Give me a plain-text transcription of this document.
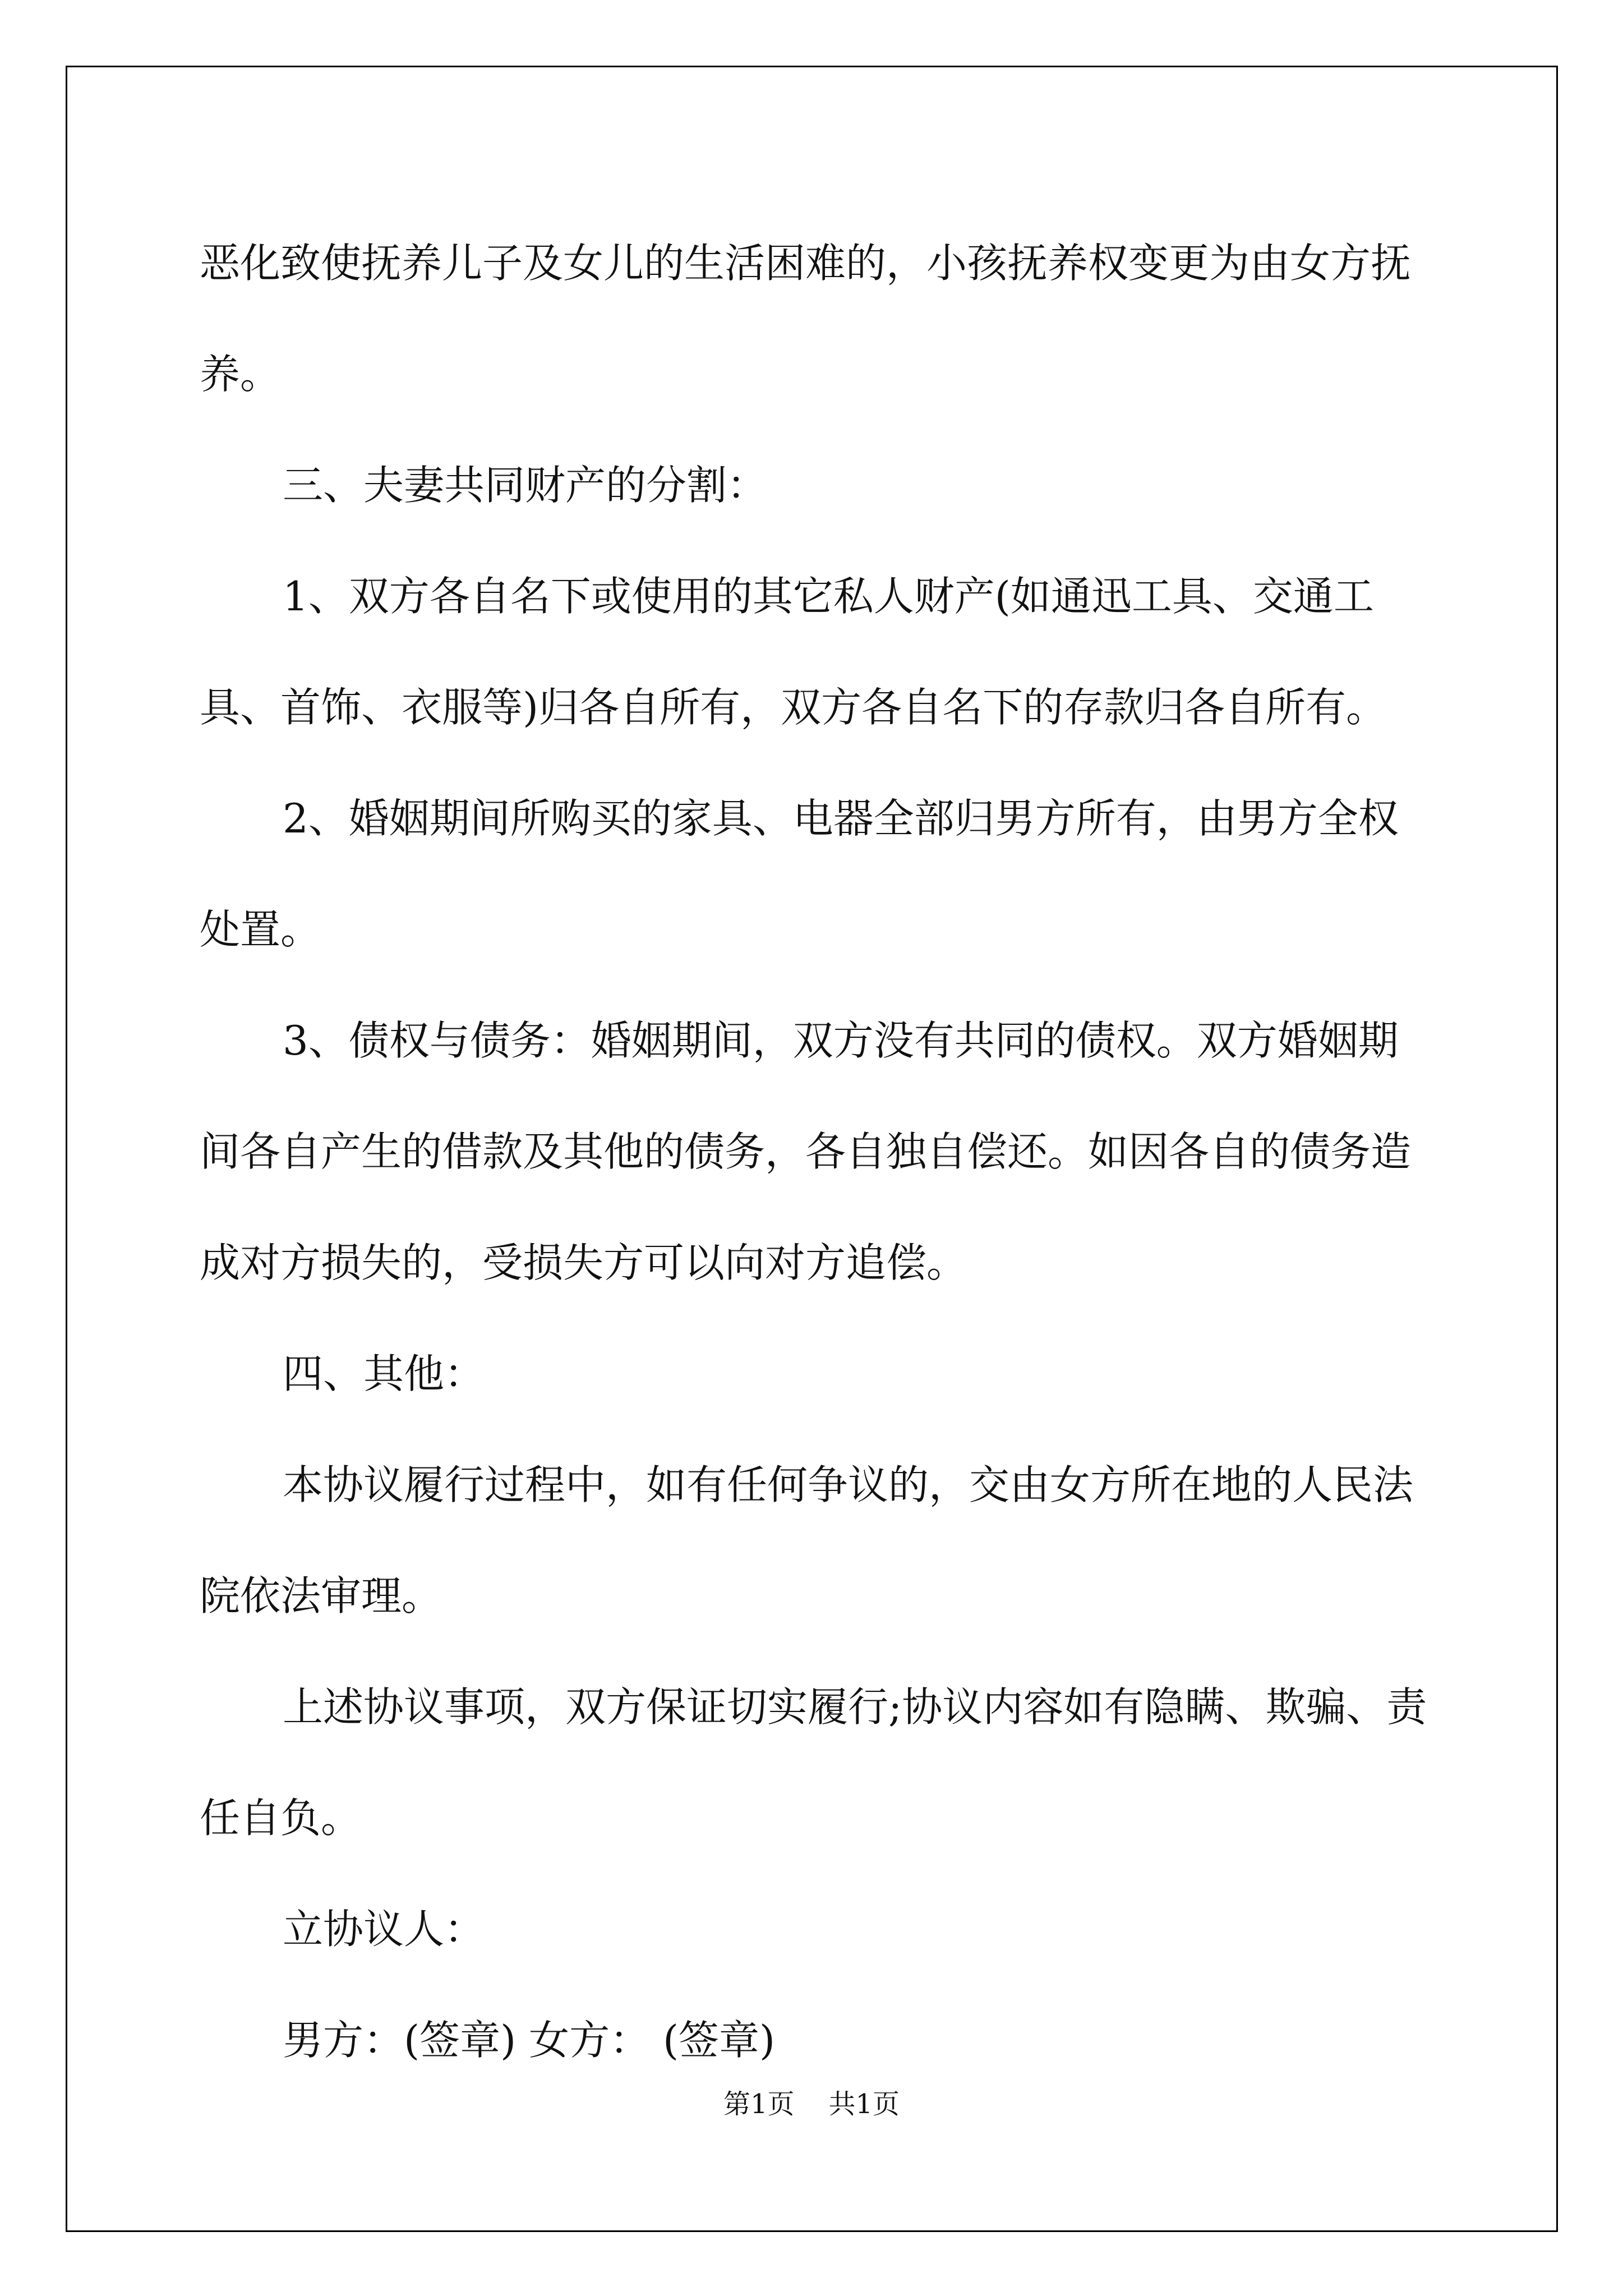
恶化致使抚养儿子及女儿的生活困难的，小孩抚养权变更为由女方抚养。

三、夫妻共同财产的分割：

1、双方各自名下或使用的其它私人财产(如通迅工具、交通工具、首饰、衣服等)归各自所有，双方各自名下的存款归各自所有。

2、婚姻期间所购买的家具、电器全部归男方所有，由男方全权处置。

3、债权与债务：婚姻期间，双方没有共同的债权。双方婚姻期间各自产生的借款及其他的债务，各自独自偿还。如因各自的债务造成对方损失的，受损失方可以向对方追偿。

四、其他：

本协议履行过程中，如有任何争议的，交由女方所在地的人民法院依法审理。

上述协议事项，双方保证切实履行;协议内容如有隐瞒、欺骗、责任自负。

立协议人：

男方：(签章) 女方： (签章)

第1页 共1页
